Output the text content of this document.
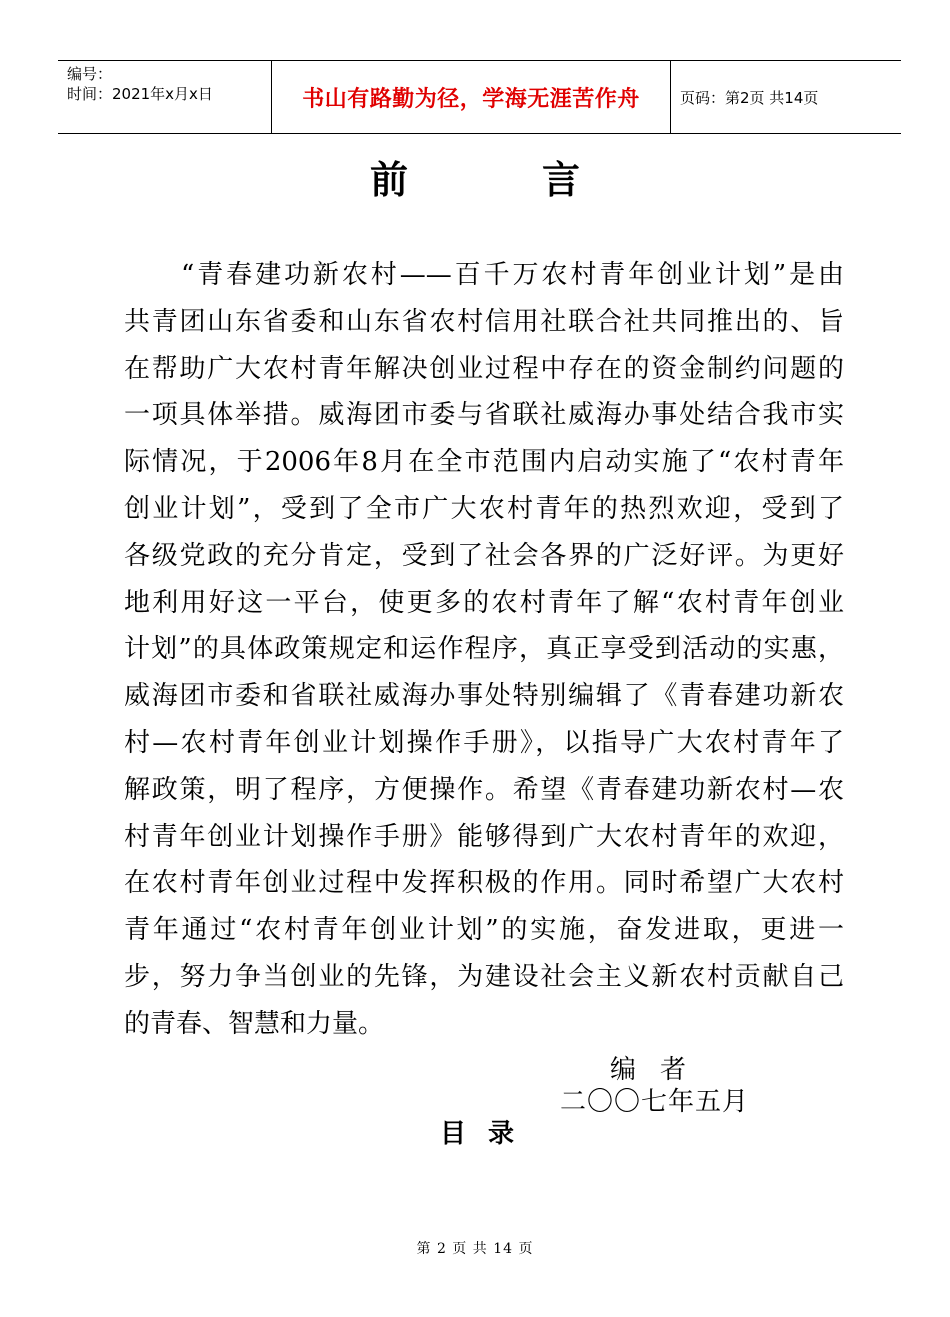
编号：
时间：2021年x月x日	书山有路勤为径，学海无涯苦作舟	页码：第2页 共14页
前言
“青春建功新农村——百千万农村青年创业计划”是由
共青团山东省委和山东省农村信用社联合社共同推出的、旨
在帮助广大农村青年解决创业过程中存在的资金制约问题的
一项具体举措。威海团市委与省联社威海办事处结合我市实
际情况，于2006年8月在全市范围内启动实施了“农村青年
创业计划”，受到了全市广大农村青年的热烈欢迎，受到了
各级党政的充分肯定，受到了社会各界的广泛好评。为更好
地利用好这一平台，使更多的农村青年了解“农村青年创业
计划”的具体政策规定和运作程序，真正享受到活动的实惠，
威海团市委和省联社威海办事处特别编辑了《青春建功新农
村—农村青年创业计划操作手册》，以指导广大农村青年了
解政策，明了程序，方便操作。希望《青春建功新农村—农
村青年创业计划操作手册》能够得到广大农村青年的欢迎，
在农村青年创业过程中发挥积极的作用。同时希望广大农村
青年通过“农村青年创业计划”的实施，奋发进取，更进一
步，努力争当创业的先锋，为建设社会主义新农村贡献自己
的青春、智慧和力量。
编者
二〇〇七年五月
目录
第 2 页 共 14 页
